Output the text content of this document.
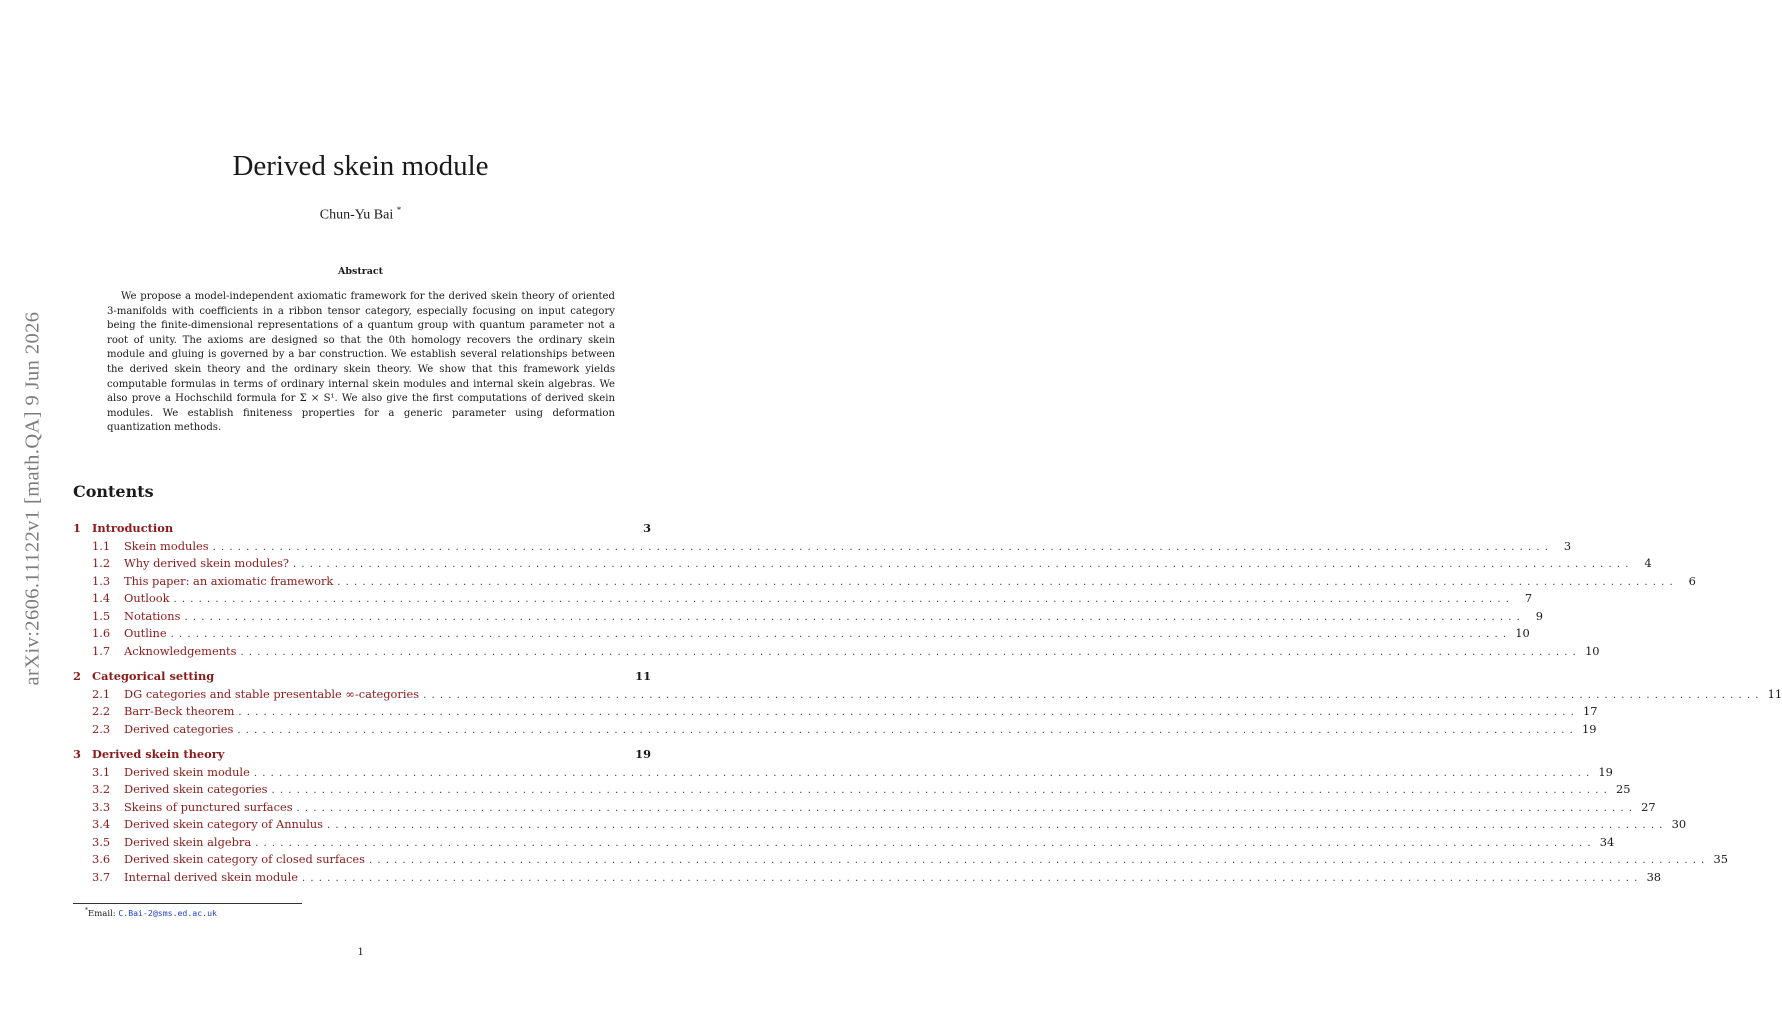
arXiv:2606.11122v1 [math.QA] 9 Jun 2026
Derived skein module
Chun-Yu Bai *
Abstract

We propose a model-independent axiomatic framework for the derived skein theory of oriented 3-manifolds with coefficients in a ribbon tensor category, especially focusing on input category being the finite-dimensional representations of a quantum group with quantum parameter not a root of unity. The axioms are designed so that the 0th homology recovers the ordinary skein module and gluing is governed by a bar construction. We establish several relationships between the derived skein theory and the ordinary skein theory. We show that this framework yields computable formulas in terms of ordinary internal skein modules and internal skein algebras. We also prove a Hochschild formula for Σ × S¹. We also give the first computations of derived skein modules. We establish finiteness properties for a generic parameter using deformation quantization methods.

Contents
1 Introduction	3
1.1	Skein modules ................................................................................................................................................................ 3
1.2	Why derived skein modules? ................................................................................................................................................................ 4
1.3	This paper: an axiomatic framework ................................................................................................................................................................ 6
1.4	Outlook ................................................................................................................................................................ 7
1.5	Notations ................................................................................................................................................................ 9
1.6	Outline ................................................................................................................................................................ 10
1.7	Acknowledgements ................................................................................................................................................................ 10
2 Categorical setting	11
2.1	DG categories and stable presentable ∞-categories ................................................................................................................................................................ 11
2.2	Barr-Beck theorem ................................................................................................................................................................ 17
2.3	Derived categories ................................................................................................................................................................ 19
3 Derived skein theory	19
3.1	Derived skein module ................................................................................................................................................................ 19
3.2	Derived skein categories ................................................................................................................................................................ 25
3.3	Skeins of punctured surfaces ................................................................................................................................................................ 27
3.4	Derived skein category of Annulus ................................................................................................................................................................ 30
3.5	Derived skein algebra ................................................................................................................................................................ 34
3.6	Derived skein category of closed surfaces ................................................................................................................................................................ 35
3.7	Internal derived skein module ................................................................................................................................................................ 38
*Email: C.Bai-2@sms.ed.ac.uk
1
